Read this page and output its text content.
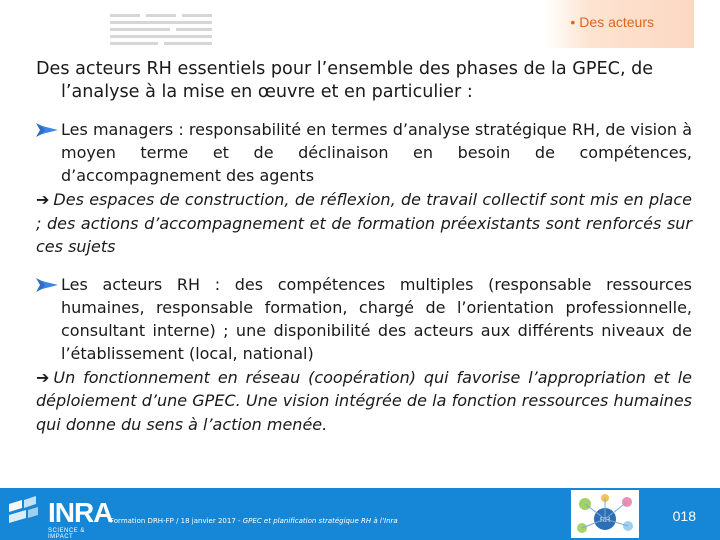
• Des acteurs

Des acteurs RH essentiels pour l’ensemble des phases de la GPEC, de l’analyse à la mise en œuvre et en particulier :

Les managers : responsabilité en termes d’analyse stratégique RH, de vision à moyen terme et de déclinaison en besoin de compétences, d’accompagnement des agents
➔ Des espaces de construction, de réflexion, de travail collectif sont mis en place ; des actions d’accompagnement et de formation préexistants sont renforcés sur ces sujets
Les acteurs RH : des compétences multiples (responsable ressources humaines, responsable formation, chargé de l’orientation professionnelle, consultant interne) ; une disponibilité des acteurs aux différents niveaux de l’établissement (local, national)
➔ Un fonctionnement en réseau (coopération) qui favorise l’appropriation et le déploiement d’une GPEC. Une vision intégrée de la fonction ressources humaines qui donne du sens à l’action menée.
INRA
SCIENCE & IMPACT
Formation DRH-FP / 18 janvier 2017 - GPEC et planification stratégique RH à l’Inra	RH	018
